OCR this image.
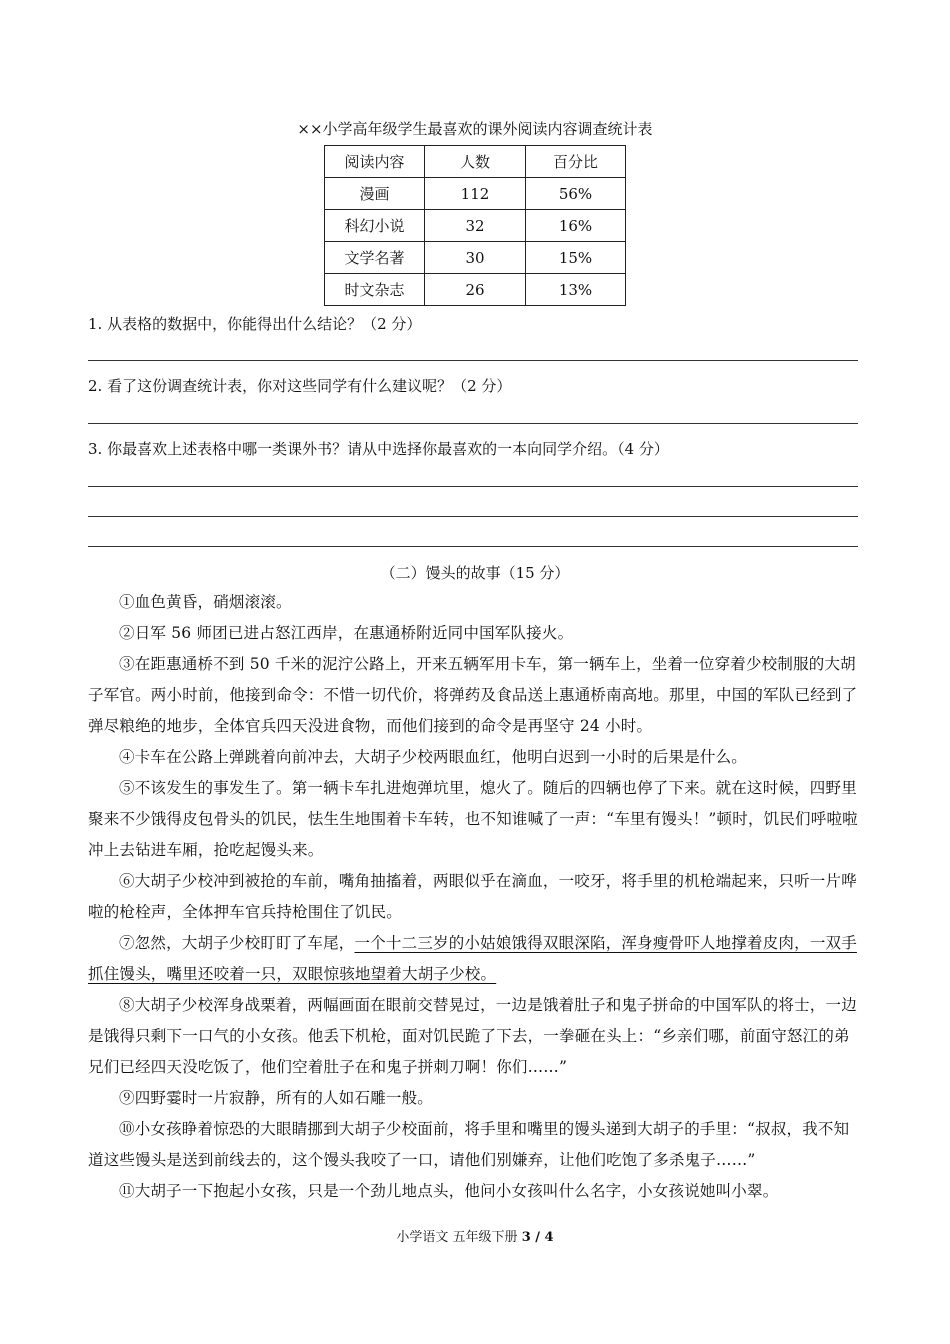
××小学高年级学生最喜欢的课外阅读内容调查统计表
阅读内容	人数	百分比
漫画	112	56%
科幻小说	32	16%
文学名著	30	15%
时文杂志	26	13%
1. 从表格的数据中，你能得出什么结论？（2 分）
2. 看了这份调查统计表，你对这些同学有什么建议呢？（2 分）
3. 你最喜欢上述表格中哪一类课外书？请从中选择你最喜欢的一本向同学介绍。（4 分）
（二）馒头的故事（15 分）
①血色黄昏，硝烟滚滚。
②日军 56 师团已进占怒江西岸，在惠通桥附近同中国军队接火。
③在距惠通桥不到 50 千米的泥泞公路上，开来五辆军用卡车，第一辆车上，坐着一位穿着少校制服的大胡子军官。两小时前，他接到命令：不惜一切代价，将弹药及食品送上惠通桥南高地。那里，中国的军队已经到了弹尽粮绝的地步，全体官兵四天没进食物，而他们接到的命令是再坚守 24 小时。
④卡车在公路上弹跳着向前冲去，大胡子少校两眼血红，他明白迟到一小时的后果是什么。
⑤不该发生的事发生了。第一辆卡车扎进炮弹坑里，熄火了。随后的四辆也停了下来。就在这时候，四野里聚来不少饿得皮包骨头的饥民，怯生生地围着卡车转，也不知谁喊了一声：“车里有馒头！”顿时，饥民们呼啦啦冲上去钻进车厢，抢吃起馒头来。
⑥大胡子少校冲到被抢的车前，嘴角抽搐着，两眼似乎在滴血，一咬牙，将手里的机枪端起来，只听一片哗啦的枪栓声，全体押车官兵持枪围住了饥民。
⑦忽然，大胡子少校盯盯了车尾，一个十二三岁的小姑娘饿得双眼深陷，浑身瘦骨吓人地撑着皮肉，一双手抓住馒头，嘴里还咬着一只，双眼惊骇地望着大胡子少校。
⑧大胡子少校浑身战栗着，两幅画面在眼前交替晃过，一边是饿着肚子和鬼子拼命的中国军队的将士，一边是饿得只剩下一口气的小女孩。他丢下机枪，面对饥民跪了下去，一拳砸在头上：“乡亲们哪，前面守怒江的弟兄们已经四天没吃饭了，他们空着肚子在和鬼子拼刺刀啊！你们……”
⑨四野霎时一片寂静，所有的人如石雕一般。
⑩小女孩睁着惊恐的大眼睛挪到大胡子少校面前，将手里和嘴里的馒头递到大胡子的手里：“叔叔，我不知道这些馒头是送到前线去的，这个馒头我咬了一口，请他们别嫌弃，让他们吃饱了多杀鬼子……”
⑪大胡子一下抱起小女孩，只是一个劲儿地点头，他问小女孩叫什么名字，小女孩说她叫小翠。
小学语文 五年级下册 3 / 4
